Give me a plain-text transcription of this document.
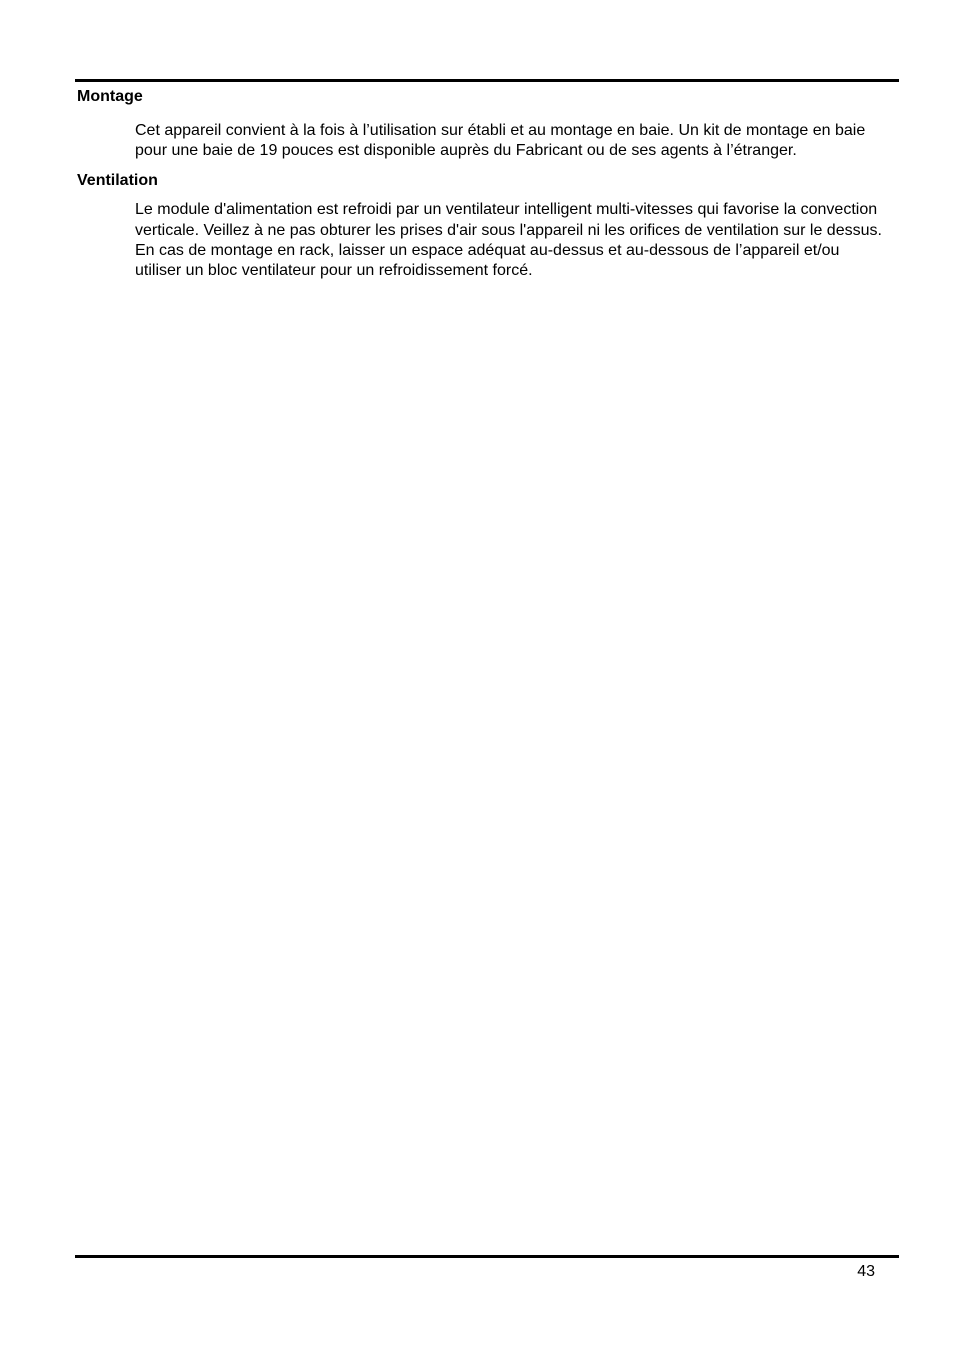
Montage

Cet appareil convient à la fois à l’utilisation sur établi et au montage en baie. Un kit de montage en baie pour une baie de 19 pouces est disponible auprès du Fabricant ou de ses agents à l’étranger.

Ventilation

Le module d'alimentation est refroidi par un ventilateur intelligent multi-vitesses qui favorise la convection verticale. Veillez à ne pas obturer les prises d'air sous l'appareil ni les orifices de ventilation sur le dessus. En cas de montage en rack, laisser un espace adéquat au-dessus et au-dessous de l’appareil et/ou utiliser un bloc ventilateur pour un refroidissement forcé.

43
